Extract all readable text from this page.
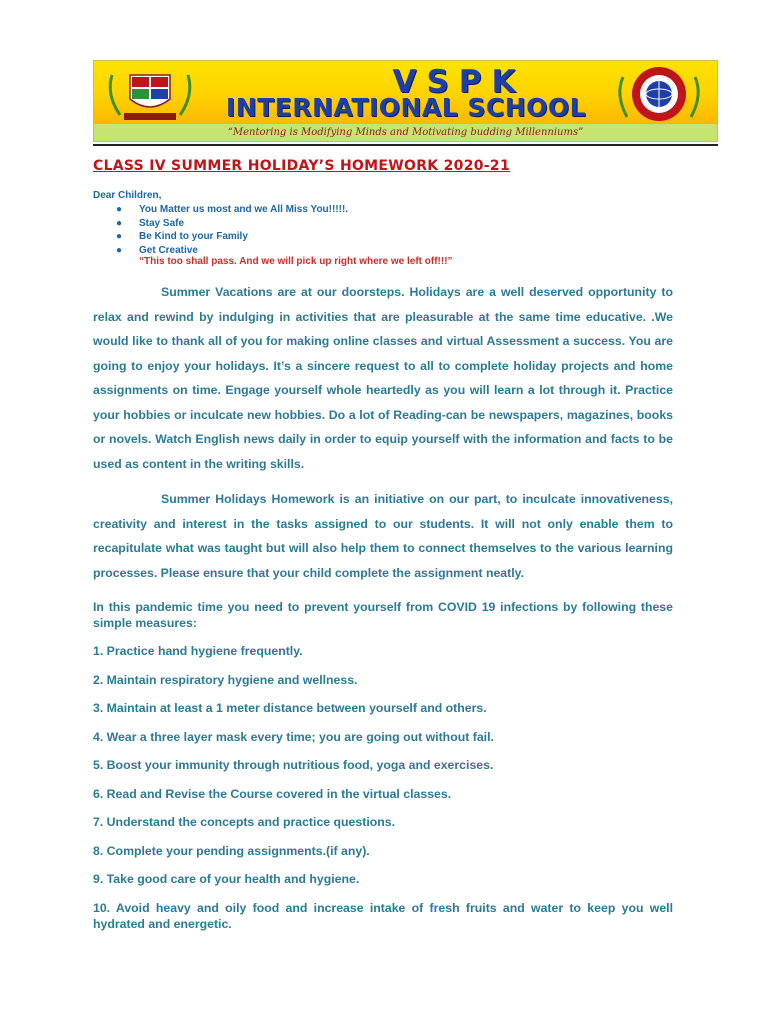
VSPK
INTERNATIONAL SCHOOL
“Mentoring is Modifying Minds and Motivating budding Millenniums”
CLASS IV SUMMER HOLIDAY’S HOMEWORK 2020-21
Dear Children,
● You Matter us most and we All Miss You!!!!!.
● Stay Safe
● Be Kind to your Family
● Get Creative
“This too shall pass. And we will pick up right where we left off!!!”

Summer Vacations are at our doorsteps. Holidays are a well deserved opportunity to relax and rewind by indulging in activities that are pleasurable at the same time educative. .We would like to thank all of you for making online classes and virtual Assessment a success. You are going to enjoy your holidays. It’s a sincere request to all to complete holiday projects and home assignments on time. Engage yourself whole heartedly as you will learn a lot through it. Practice your hobbies or inculcate new hobbies. Do a lot of Reading-can be newspapers, magazines, books or novels. Watch English news daily in order to equip yourself with the information and facts to be used as content in the writing skills.

Summer Holidays Homework is an initiative on our part, to inculcate innovativeness, creativity and interest in the tasks assigned to our students. It will not only enable them to recapitulate what was taught but will also help them to connect themselves to the various learning processes. Please ensure that your child complete the assignment neatly.

In this pandemic time you need to prevent yourself from COVID 19 infections by following these simple measures:

1. Practice hand hygiene frequently.

2. Maintain respiratory hygiene and wellness.

3. Maintain at least a 1 meter distance between yourself and others.

4. Wear a three layer mask every time; you are going out without fail.

5. Boost your immunity through nutritious food, yoga and exercises.

6. Read and Revise the Course covered in the virtual classes.

7. Understand the concepts and practice questions.

8. Complete your pending assignments.(if any).

9. Take good care of your health and hygiene.

10. Avoid heavy and oily food and increase intake of fresh fruits and water to keep you well hydrated and energetic.
